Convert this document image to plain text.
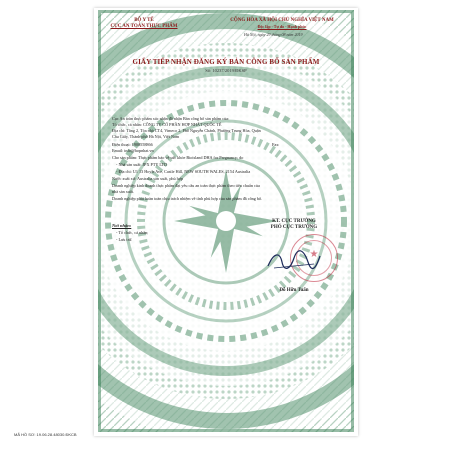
BỘ Y TẾ
CỤC AN TOÀN THỰC PHẨM
CỘNG HÒA XÃ HỘI CHỦ NGHĨA VIỆT NAM
Độc lập - Tự do - Hạnh phúc
Hà Nội, ngày 29 tháng 08 năm 2019
GIẤY TIẾP NHẬN ĐĂNG KÝ BẢN CÔNG BỐ SẢN PHẨM
Số: 10237/2019/ĐKSP
Cục An toàn thực phẩm xác nhận đã nhận Bản công bố sản phẩm của:
Tổ chức, cá nhân: CÔNG TY CỔ PHẦN HỢP NHẤT QUỐC TẾ
Địa chỉ: Tầng 2, Tòa nhà CT4, Vimeco 2, Phố Nguyễn Chánh, Phường Trung Hòa, Quận
Cầu Giấy, Thành phố Hà Nội, Việt Nam
Điện thoại: 1900558866	Fax:
Email: info@hopnhat.vn
Cho sản phẩm: Thực phẩm bảo vệ sức khỏe Bioisland DHA for Pregnancy; do
- Nhà sản xuất: JPX PTY LTD
- Địa chỉ: U1 13 Hoyle Ave, Castle Hill, NEW SOUTH WALES, 2154 Australia
Nước xuất xứ: Australia sản xuất, phù hợp
Doanh nghiệp kinh doanh thực phẩm đạt yêu cầu an toàn thực phẩm theo tiêu chuẩn của
nhà sản xuất.
Doanh nghiệp phải hoàn toàn chịu trách nhiệm về tính phù hợp của sản phẩm đã công bố.
Nơi nhận:
- Tổ chức, cá nhân;
- Lưu trữ.
KT. CỤC TRƯỞNG
PHÓ CỤC TRƯỞNG
★
Đỗ Hữu Tuấn
MÃ HỒ SƠ: 19.06.28.48030.ĐKCB
